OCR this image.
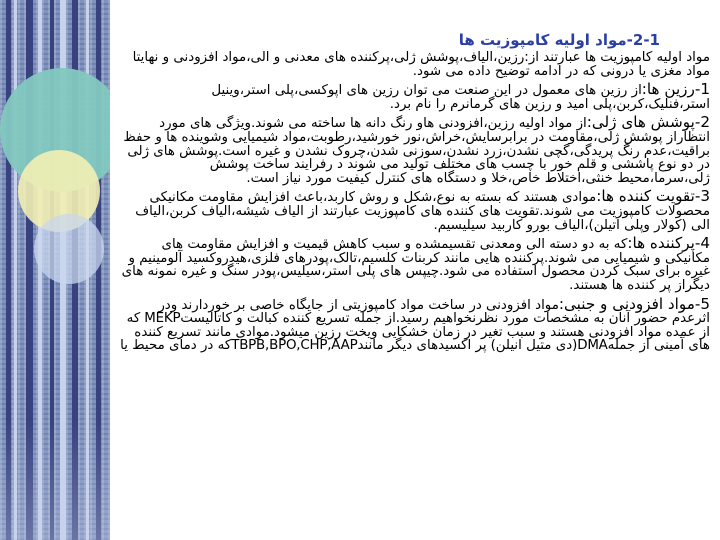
2-1-مواد اولیه کامپوزیت ها

مواد اولیه کامپوزیت ها عبارتند از:رزین،الیاف،پوشش ژلی،پرکننده های معدنی و الی،مواد افزودنی و نهایتا مواد مغزی یا درونی که در ادامه توضیح داده می شود.

1-رزین ها:از رزین های معمول در این صنعت می توان رزین های اپوکسی،پلی استر،وینیل استر،فنلیک،کربن،پلی امید و رزین های گرمانرم را نام برد.

2-پوشش های ژلی:از مواد اولیه رزین،افزودنی هاو رنگ دانه ها ساخته می شوند.ویژگی های مورد انتظاراز پوشش ژلی،مقاومت در برابرسایش،خراش،نور خورشید،رطوبت،مواد شیمیایی وشوینده ها و حفظ براقیت،عدم رنگ پریدگی،گچی نشدن،زرد نشدن،سوزنی شدن،چروک نشدن و غیره است.پوشش های ژلی در دو نوع پاششی و قلم خور با چسب های مختلف تولید می شوند د رفرایند ساخت پوشش ژلی،سرما،محیط خنثی،اختلاط خاص،خلا و دستگاه های کنترل کیفیت مورد نیاز است.

3-تقویت کننده ها:موادی هستند که بسته به نوع،شکل و روش کاربد،باعث افزایش مقاومت مکانیکی محصولات کامپوزیت می شوند.تقویت های کننده های کامپوزیت عبارتند از الیاف شیشه،الیاف کربن،الیاف الی (کولار وپلی اتیلن)،الیاف بورو کاربید سیلیسیم.

4-پرکننده ها:که به دو دسته الی ومعدنی تقسیمشده و سبب کاهش قیمیت و افزایش مقاومت های مکانیکی و شیمیایی می شوند.پرکننده هایی مانند کربنات کلسیم،تالک،پودرهای فلزی،هیدروکسید آلومینیم و غیره برای سبک کردن محصول استفاده می شود.چیپس های پلی استر،سیلیس،پودر سنگ و غیره نمونه های دیگراز پر کننده ها هستند.

5-مواد افزودنی و جنبی:مواد افزودنی در ساخت مواد کامپوزیتی از جایگاه خاصی بر خوردارند ودر اثرعدم حضور آنان به مشخصات مورد نظرنخواهیم رسید.از جمله تسریع کننده کبالت و کاتالیستMEKP که از عمده مواد افزودنی هستند و سبب تغیر در زمان خشکایی ویخت رزین میشود.موادی مانند تسریع کننده های آمینی از جملهDMA(دی متیل انیلن) پر اکسیدهای دیگر مانندTBPB,BPO,CHP,AAPکه در دمای محیط یا
